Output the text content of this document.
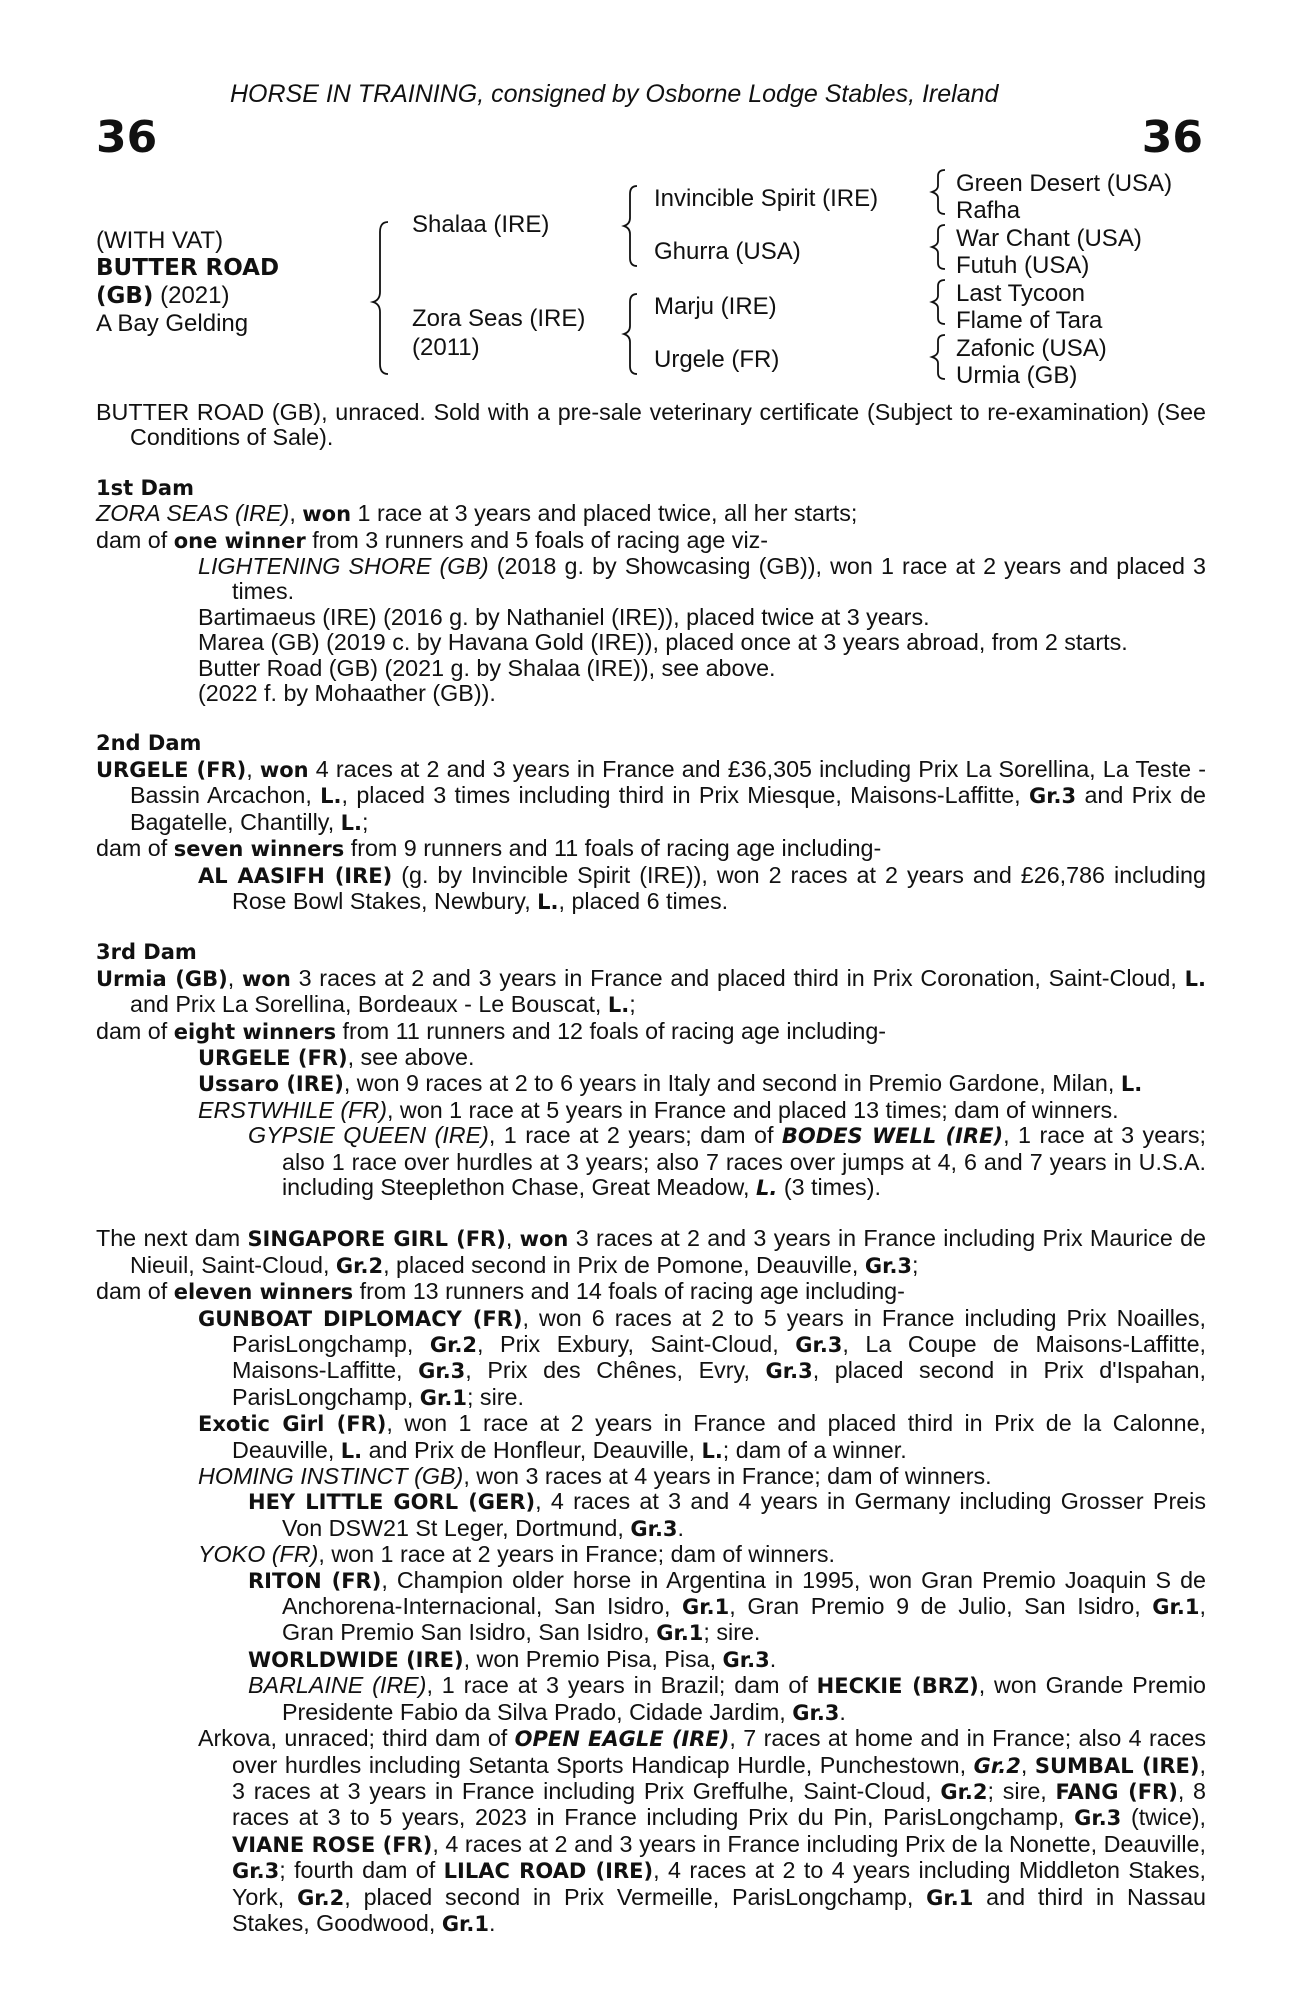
HORSE IN TRAINING, consigned by Osborne Lodge Stables, Ireland
36	36
(WITH VAT)
BUTTER ROAD
(GB) (2021)
A Bay Gelding
Shalaa (IRE)
Zora Seas (IRE)
(2011)
Invincible Spirit (IRE)
Ghurra (USA)
Marju (IRE)
Urgele (FR)
Green Desert (USA)
Rafha
War Chant (USA)
Futuh (USA)
Last Tycoon
Flame of Tara
Zafonic (USA)
Urmia (GB)

BUTTER ROAD (GB), unraced. Sold with a pre-sale veterinary certificate (Subject to re-examination) (See Conditions of Sale).

1st Dam

ZORA SEAS (IRE), won 1 race at 3 years and placed twice, all her starts;

dam of one winner from 3 runners and 5 foals of racing age viz-

LIGHTENING SHORE (GB) (2018 g. by Showcasing (GB)), won 1 race at 2 years and placed 3 times.

Bartimaeus (IRE) (2016 g. by Nathaniel (IRE)), placed twice at 3 years.

Marea (GB) (2019 c. by Havana Gold (IRE)), placed once at 3 years abroad, from 2 starts.

Butter Road (GB) (2021 g. by Shalaa (IRE)), see above.

(2022 f. by Mohaather (GB)).

2nd Dam

URGELE (FR), won 4 races at 2 and 3 years in France and £36,305 including Prix La Sorellina, La Teste - Bassin Arcachon, L., placed 3 times including third in Prix Miesque, Maisons-Laffitte, Gr.3 and Prix de Bagatelle, Chantilly, L.;

dam of seven winners from 9 runners and 11 foals of racing age including-

AL AASIFH (IRE) (g. by Invincible Spirit (IRE)), won 2 races at 2 years and £26,786 including Rose Bowl Stakes, Newbury, L., placed 6 times.

3rd Dam

Urmia (GB), won 3 races at 2 and 3 years in France and placed third in Prix Coronation, Saint-Cloud, L. and Prix La Sorellina, Bordeaux - Le Bouscat, L.;

dam of eight winners from 11 runners and 12 foals of racing age including-

URGELE (FR), see above.

Ussaro (IRE), won 9 races at 2 to 6 years in Italy and second in Premio Gardone, Milan, L.

ERSTWHILE (FR), won 1 race at 5 years in France and placed 13 times; dam of winners.

GYPSIE QUEEN (IRE), 1 race at 2 years; dam of BODES WELL (IRE), 1 race at 3 years; also 1 race over hurdles at 3 years; also 7 races over jumps at 4, 6 and 7 years in U.S.A. including Steeplethon Chase, Great Meadow, L. (3 times).

The next dam SINGAPORE GIRL (FR), won 3 races at 2 and 3 years in France including Prix Maurice de Nieuil, Saint-Cloud, Gr.2, placed second in Prix de Pomone, Deauville, Gr.3;

dam of eleven winners from 13 runners and 14 foals of racing age including-

GUNBOAT DIPLOMACY (FR), won 6 races at 2 to 5 years in France including Prix Noailles, ParisLongchamp, Gr.2, Prix Exbury, Saint-Cloud, Gr.3, La Coupe de Maisons-Laffitte, Maisons-Laffitte, Gr.3, Prix des Chênes, Evry, Gr.3, placed second in Prix d'Ispahan, ParisLongchamp, Gr.1; sire.

Exotic Girl (FR), won 1 race at 2 years in France and placed third in Prix de la Calonne, Deauville, L. and Prix de Honfleur, Deauville, L.; dam of a winner.

HOMING INSTINCT (GB), won 3 races at 4 years in France; dam of winners.

HEY LITTLE GORL (GER), 4 races at 3 and 4 years in Germany including Grosser Preis Von DSW21 St Leger, Dortmund, Gr.3.

YOKO (FR), won 1 race at 2 years in France; dam of winners.

RITON (FR), Champion older horse in Argentina in 1995, won Gran Premio Joaquin S de Anchorena-Internacional, San Isidro, Gr.1, Gran Premio 9 de Julio, San Isidro, Gr.1, Gran Premio San Isidro, San Isidro, Gr.1; sire.

WORLDWIDE (IRE), won Premio Pisa, Pisa, Gr.3.

BARLAINE (IRE), 1 race at 3 years in Brazil; dam of HECKIE (BRZ), won Grande Premio Presidente Fabio da Silva Prado, Cidade Jardim, Gr.3.

Arkova, unraced; third dam of OPEN EAGLE (IRE), 7 races at home and in France; also 4 races over hurdles including Setanta Sports Handicap Hurdle, Punchestown, Gr.2, SUMBAL (IRE), 3 races at 3 years in France including Prix Greffulhe, Saint-Cloud, Gr.2; sire, FANG (FR), 8 races at 3 to 5 years, 2023 in France including Prix du Pin, ParisLongchamp, Gr.3 (twice), VIANE ROSE (FR), 4 races at 2 and 3 years in France including Prix de la Nonette, Deauville, Gr.3; fourth dam of LILAC ROAD (IRE), 4 races at 2 to 4 years including Middleton Stakes, York, Gr.2, placed second in Prix Vermeille, ParisLongchamp, Gr.1 and third in Nassau Stakes, Goodwood, Gr.1.
